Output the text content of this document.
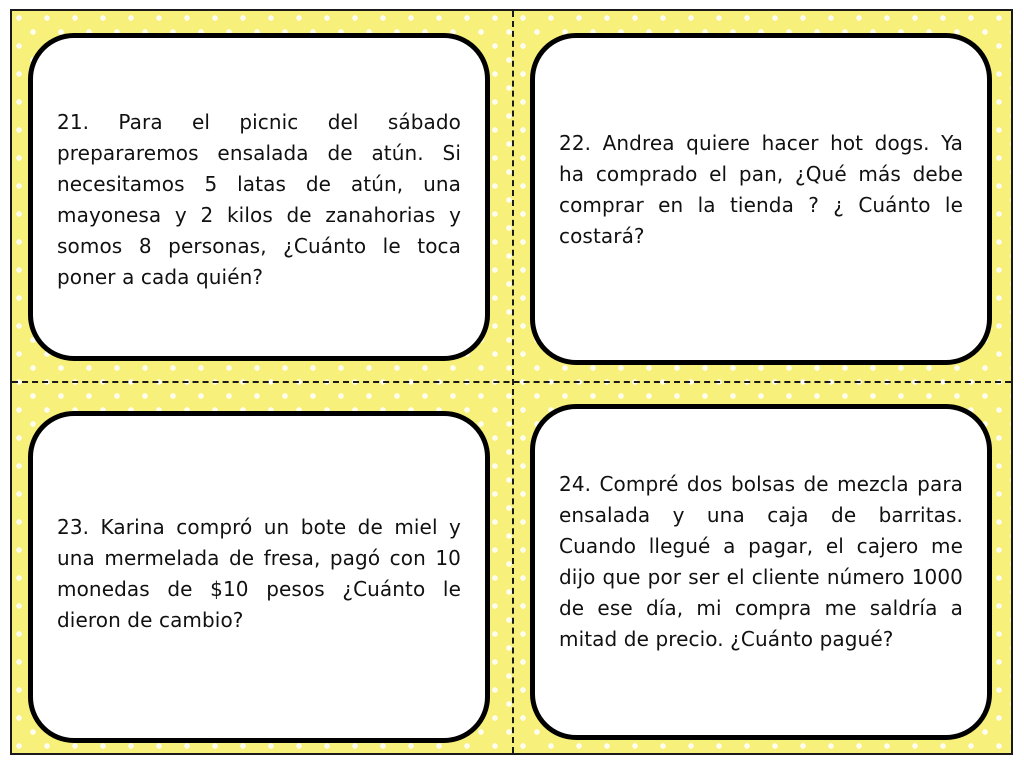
21. Para el picnic del sábado prepararemos ensalada de atún. Si necesitamos 5 latas de atún, una mayonesa y 2 kilos de zanahorias y somos 8 personas, ¿Cuánto le toca poner a cada quién?

22. Andrea quiere hacer hot dogs. Ya ha comprado el pan, ¿Qué más debe comprar en la tienda ? ¿ Cuánto le costará?

23. Karina compró un bote de miel y una mermelada de fresa, pagó con 10 monedas de $10 pesos ¿Cuánto le dieron de cambio?

24. Compré dos bolsas de mezcla para ensalada y una caja de barritas. Cuando llegué a pagar, el cajero me dijo que por ser el cliente número 1000 de ese día, mi compra me saldría a mitad de precio. ¿Cuánto pagué?
